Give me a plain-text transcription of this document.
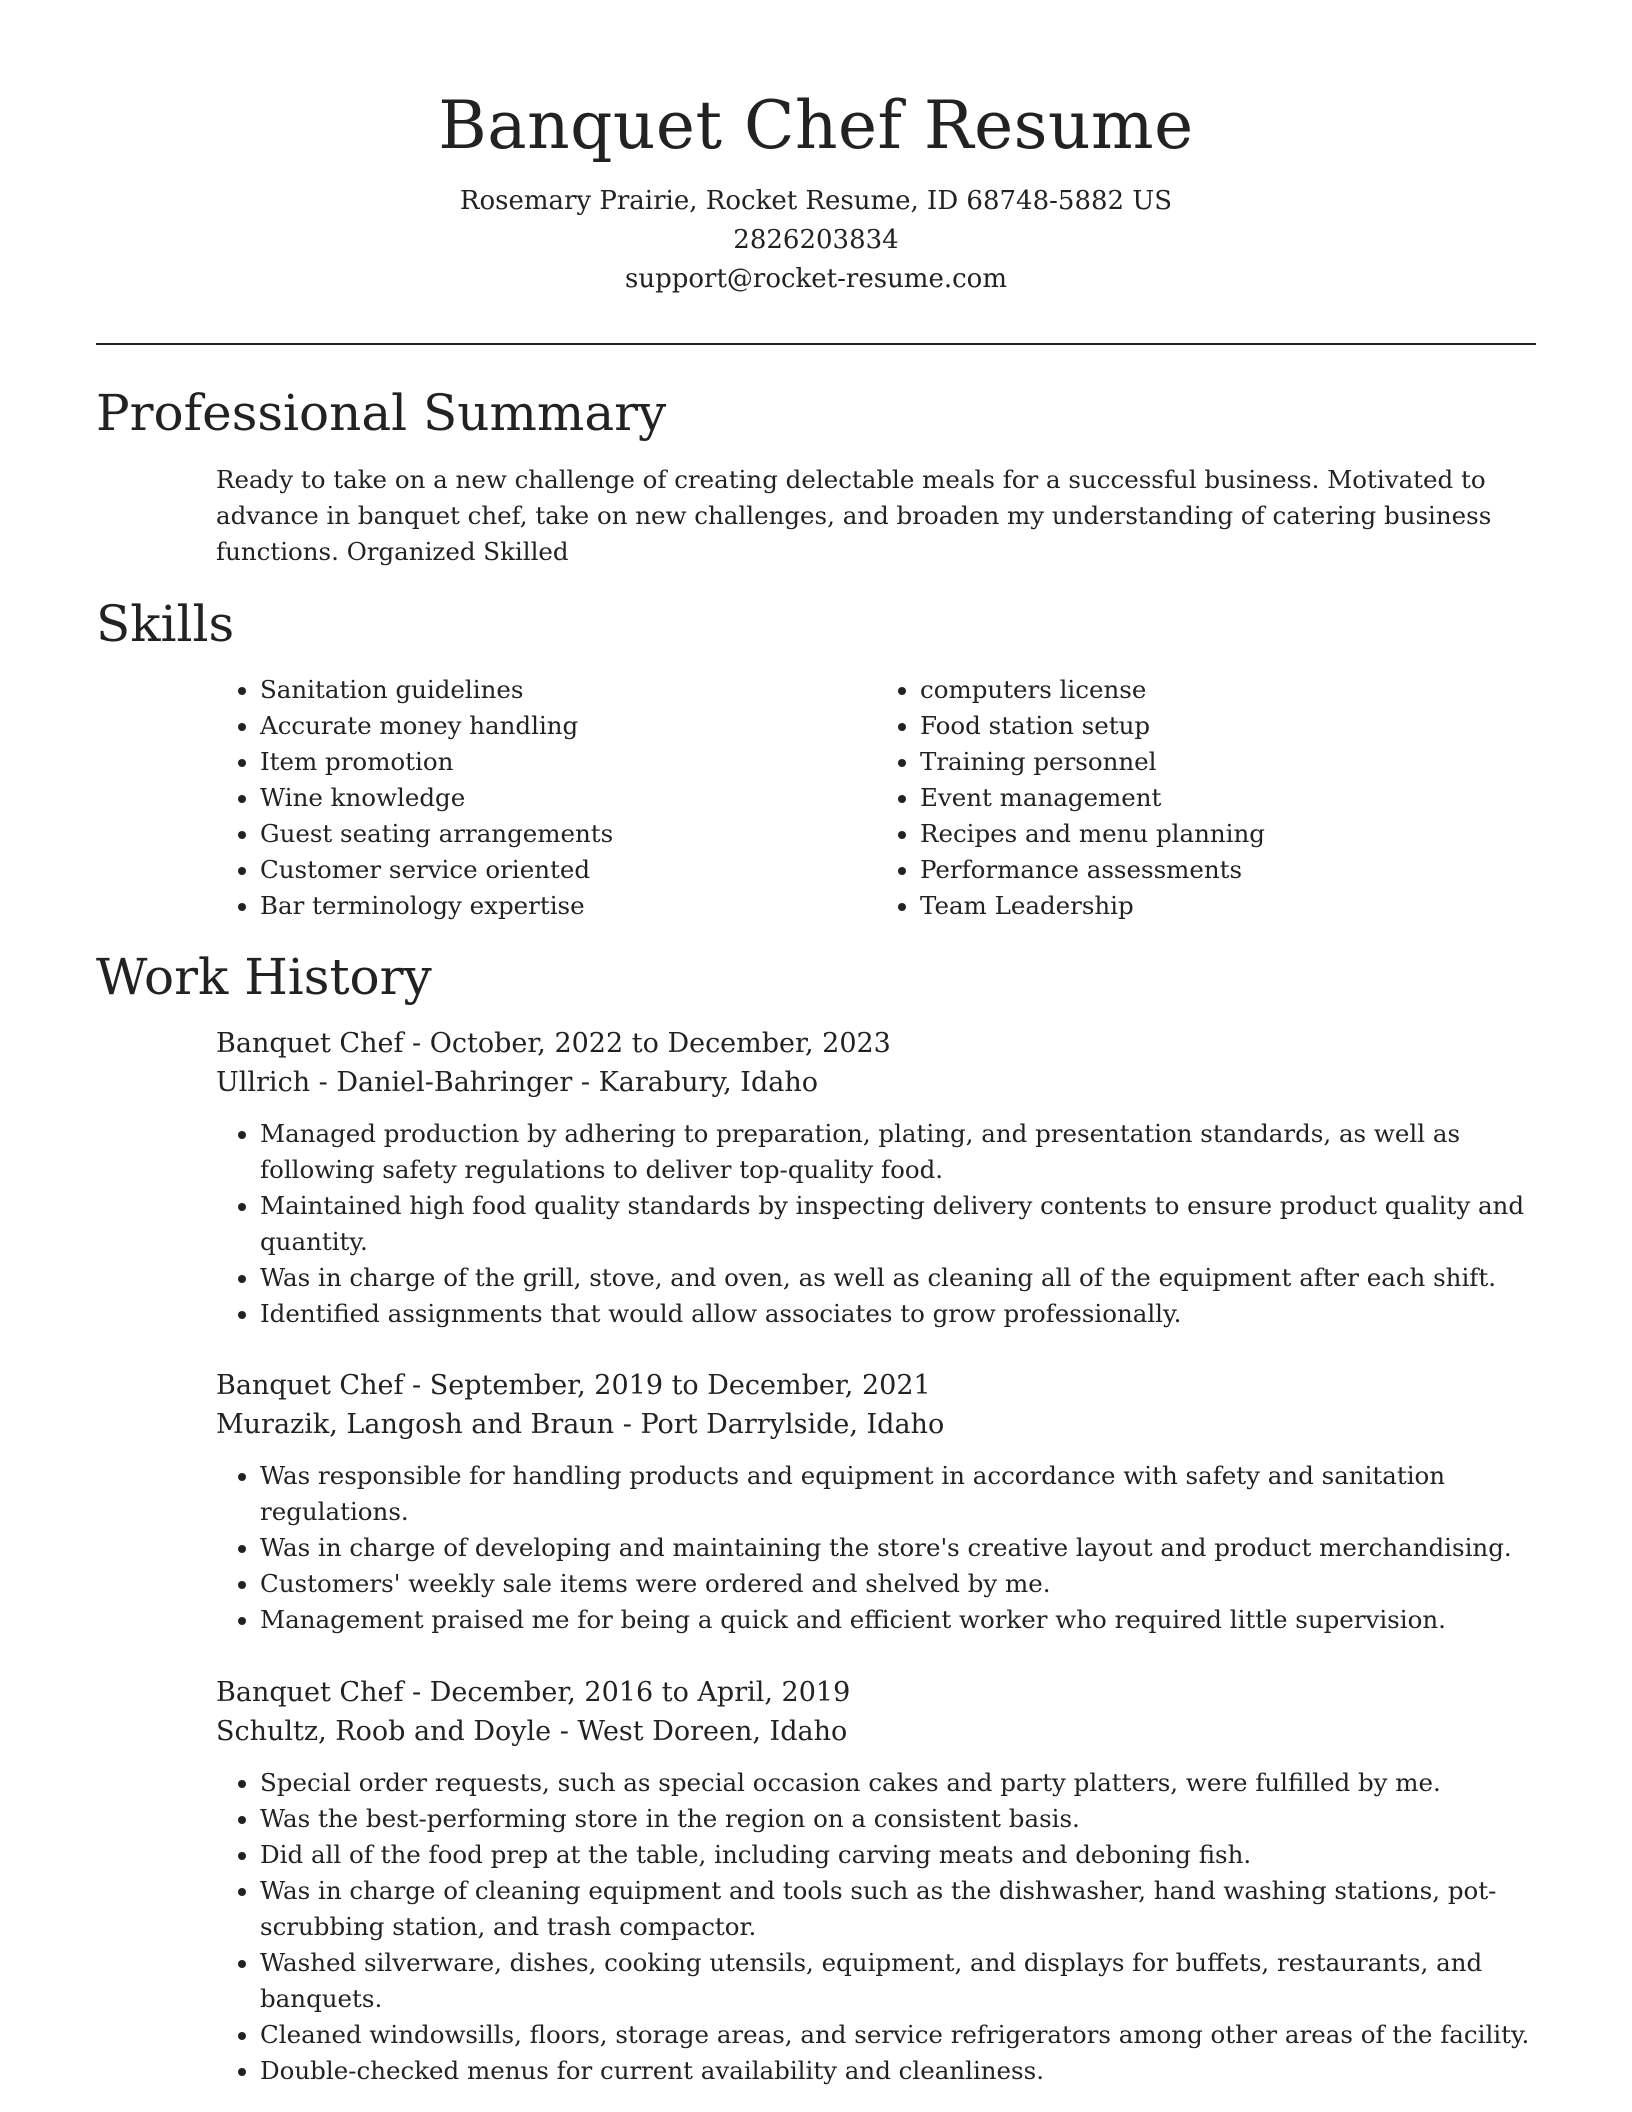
Banquet Chef Resume
Rosemary Prairie, Rocket Resume, ID 68748-5882 US
2826203834
support@rocket-resume.com
Professional Summary

Ready to take on a new challenge of creating delectable meals for a successful business. Motivated to advance in banquet chef, take on new challenges, and broaden my understanding of catering business functions. Organized Skilled

Skills
• Sanitation guidelines
• Accurate money handling
• Item promotion
• Wine knowledge
• Guest seating arrangements
• Customer service oriented
• Bar terminology expertise
• computers license
• Food station setup
• Training personnel
• Event management
• Recipes and menu planning
• Performance assessments
• Team Leadership
Work History
Banquet Chef - October, 2022 to December, 2023
Ullrich - Daniel-Bahringer - Karabury, Idaho
• Managed production by adhering to preparation, plating, and presentation standards, as well as following safety regulations to deliver top-quality food.
• Maintained high food quality standards by inspecting delivery contents to ensure product quality and quantity.
• Was in charge of the grill, stove, and oven, as well as cleaning all of the equipment after each shift.
• Identified assignments that would allow associates to grow professionally.
Banquet Chef - September, 2019 to December, 2021
Murazik, Langosh and Braun - Port Darrylside, Idaho
• Was responsible for handling products and equipment in accordance with safety and sanitation regulations.
• Was in charge of developing and maintaining the store's creative layout and product merchandising.
• Customers' weekly sale items were ordered and shelved by me.
• Management praised me for being a quick and efficient worker who required little supervision.
Banquet Chef - December, 2016 to April, 2019
Schultz, Roob and Doyle - West Doreen, Idaho
• Special order requests, such as special occasion cakes and party platters, were fulfilled by me.
• Was the best-performing store in the region on a consistent basis.
• Did all of the food prep at the table, including carving meats and deboning fish.
• Was in charge of cleaning equipment and tools such as the dishwasher, hand washing stations, pot-scrubbing station, and trash compactor.
• Washed silverware, dishes, cooking utensils, equipment, and displays for buffets, restaurants, and banquets.
• Cleaned windowsills, floors, storage areas, and service refrigerators among other areas of the facility.
• Double-checked menus for current availability and cleanliness.
